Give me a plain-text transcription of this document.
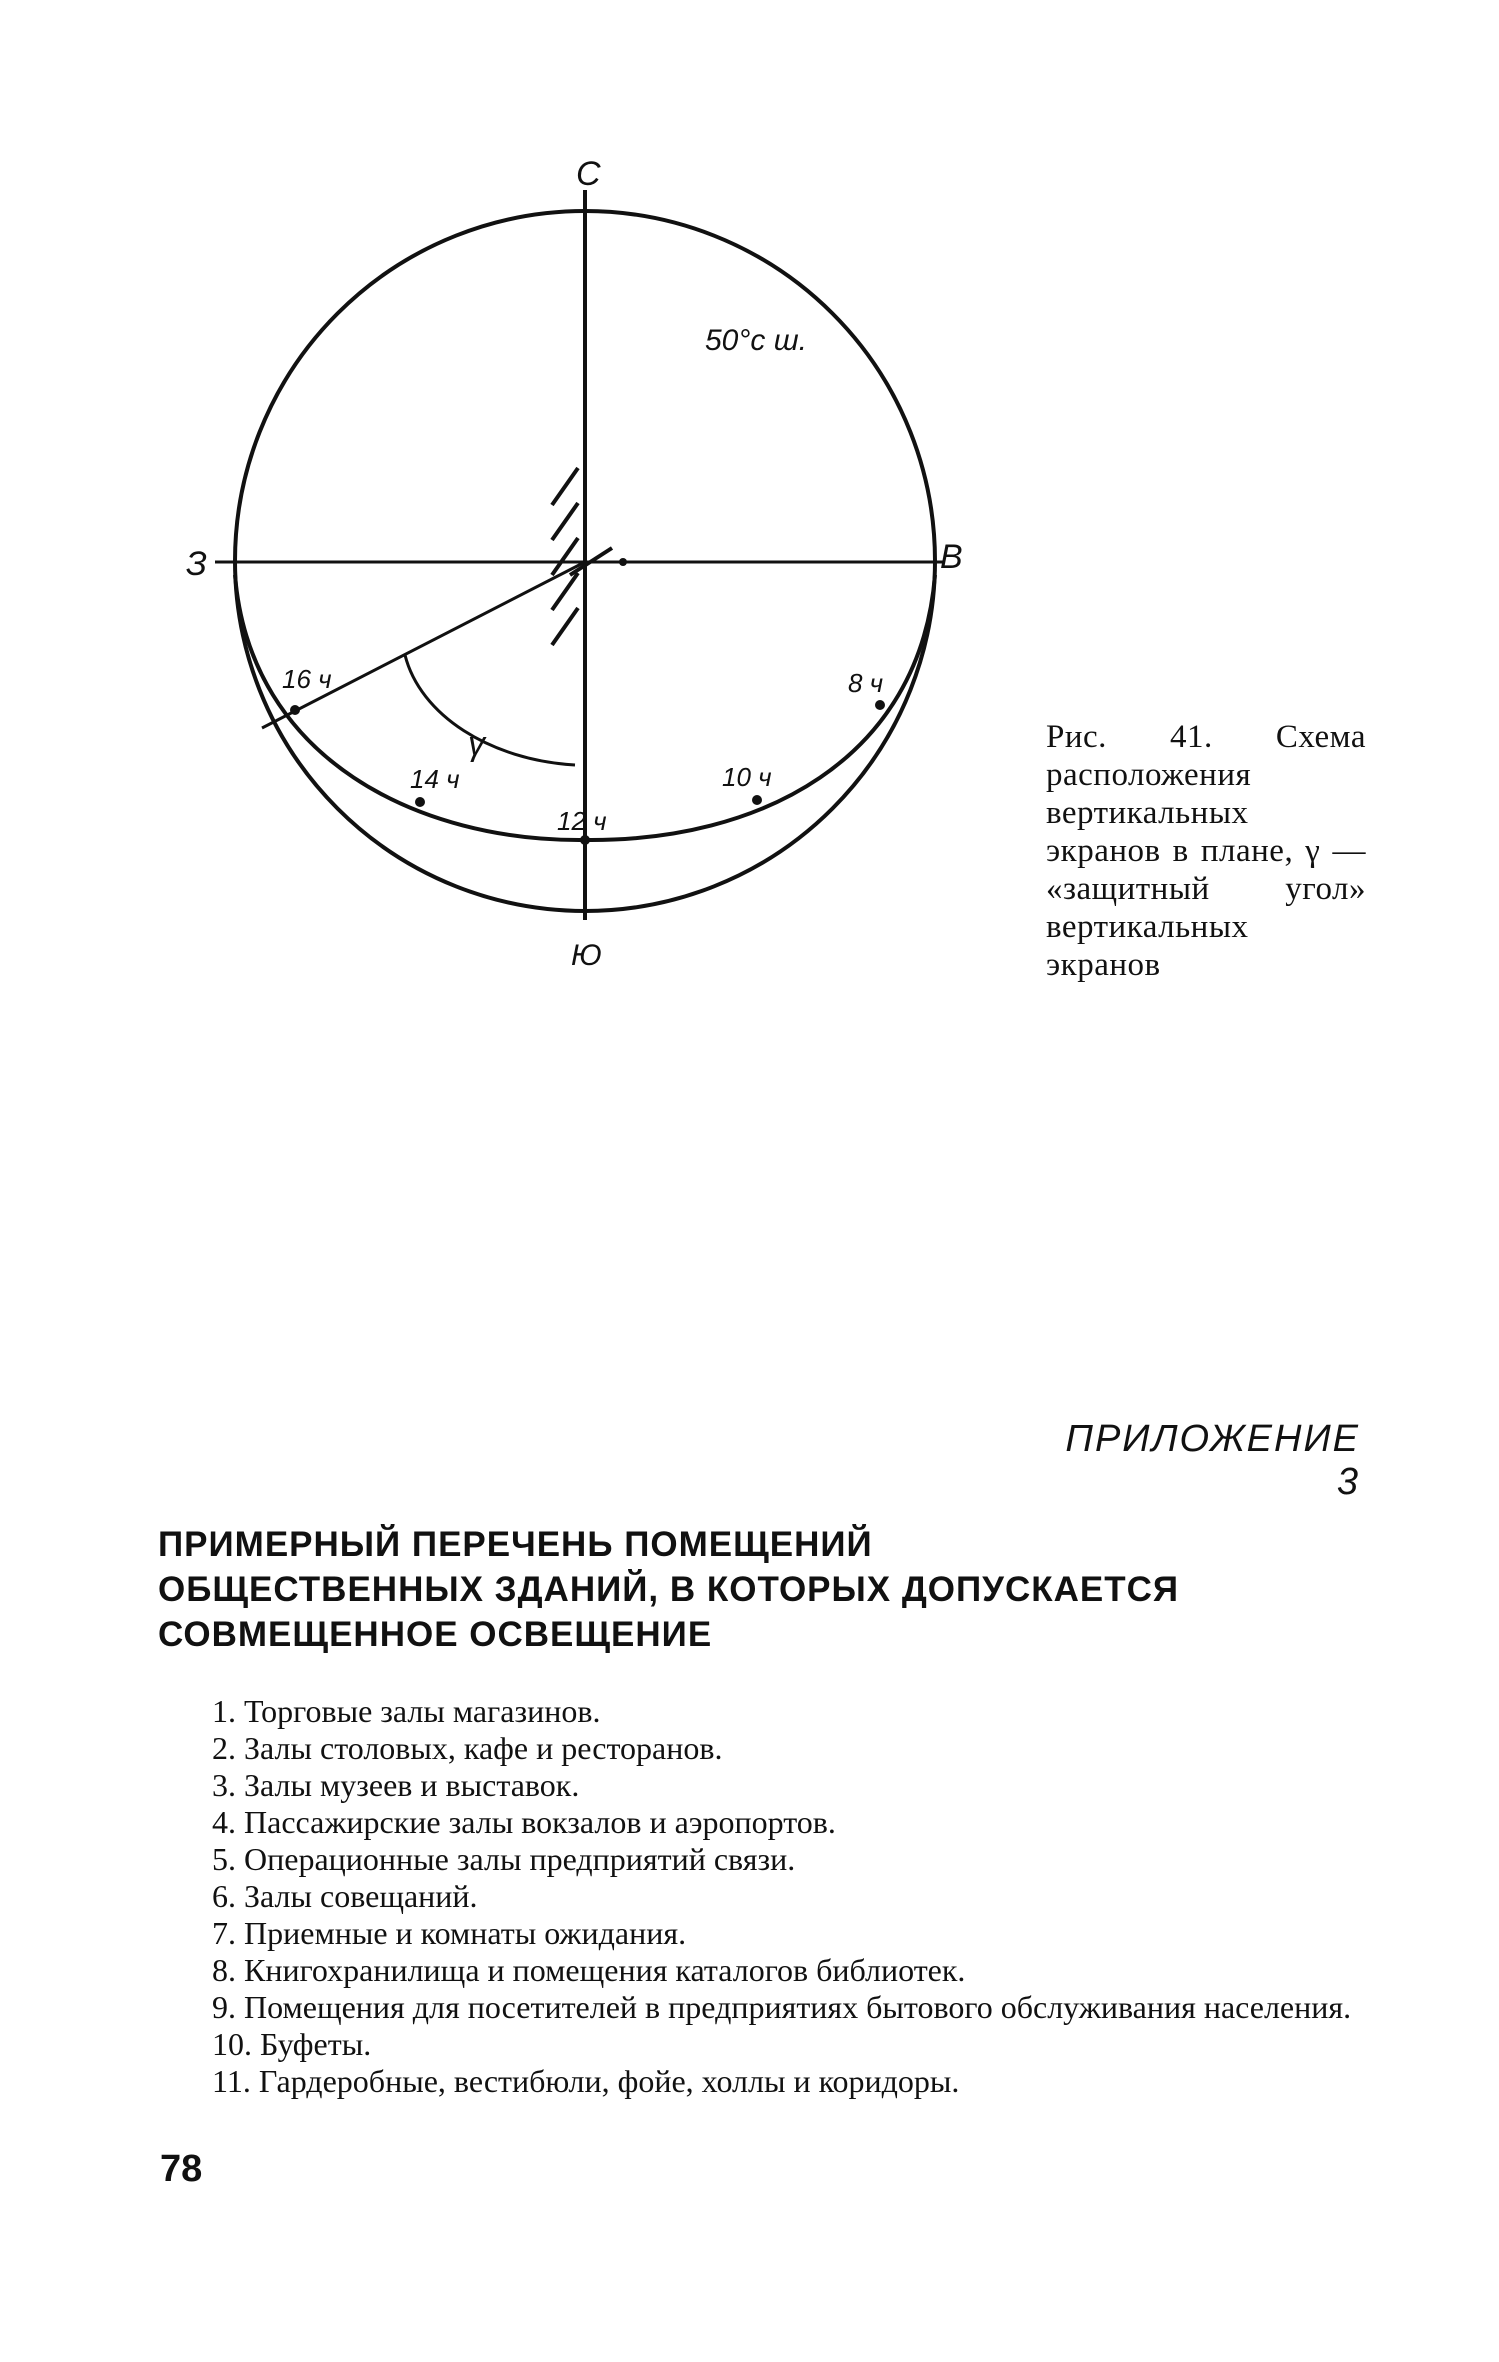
С
Ю
З	В
50°с ш.
γ
16 ч
14 ч
12 ч
10 ч
8 ч
Рис. 41. Схема расположения вертикальных экранов в плане, γ — «защитный угол» вертикальных экранов
ПРИЛОЖЕНИЕ 3
ПРИМЕРНЫЙ ПЕРЕЧЕНЬ ПОМЕЩЕНИЙ
ОБЩЕСТВЕННЫХ ЗДАНИЙ, В КОТОРЫХ ДОПУСКАЕТСЯ
СОВМЕЩЕННОЕ ОСВЕЩЕНИЕ
1. Торговые залы магазинов.
2. Залы столовых, кафе и ресторанов.
3. Залы музеев и выставок.
4. Пассажирские залы вокзалов и аэропортов.
5. Операционные залы предприятий связи.
6. Залы совещаний.
7. Приемные и комнаты ожидания.
8. Книгохранилища и помещения каталогов библиотек.
9. Помещения для посетителей в предприятиях бытового обслуживания населения.
10. Буфеты.
11. Гардеробные, вестибюли, фойе, холлы и коридоры.
78
